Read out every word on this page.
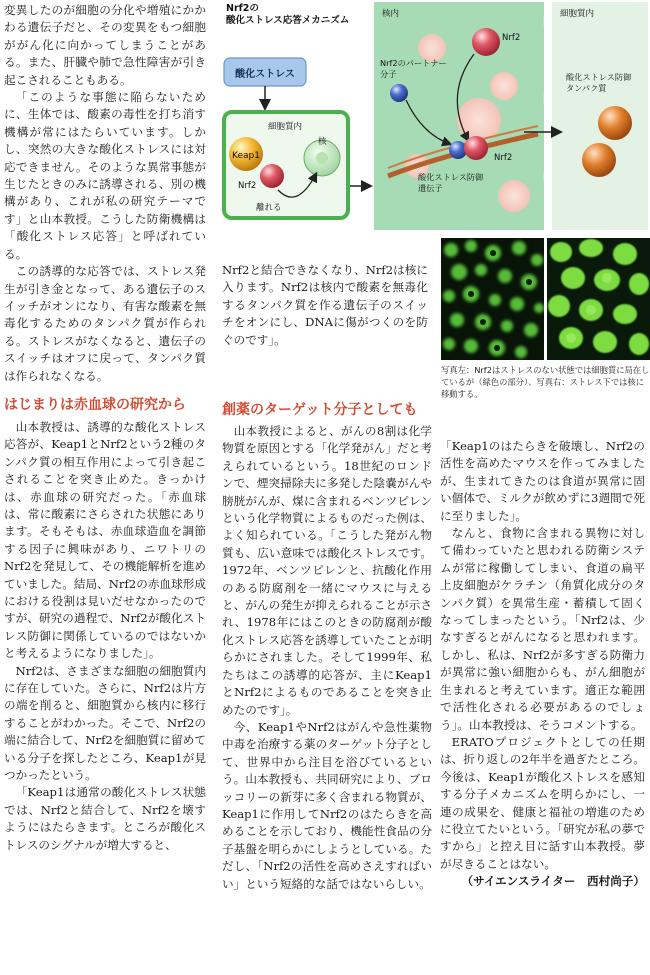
変異したのが細胞の分化や増殖にかかわる遺伝子だと、その変異をもつ細胞ががん化に向かってしまうことがある。また、肝臓や肺で急性障害が引き起こされることもある。

「このような事態に陥らないために、生体では、酸素の毒性を打ち消す機構が常にはたらいています。しかし、突然の大きな酸化ストレスには対応できません。そのような異常事態が生じたときのみに誘導される、別の機構があり、これが私の研究テーマです」と山本教授。こうした防衛機構は「酸化ストレス応答」と呼ばれている。

この誘導的な応答では、ストレス発生が引き金となって、ある遺伝子のスイッチがオンになり、有害な酸素を無毒化するためのタンパク質が作られる。ストレスがなくなると、遺伝子のスイッチはオフに戻って、タンパク質は作られなくなる。

はじまりは赤血球の研究から

山本教授は、誘導的な酸化ストレス応答が、Keap1とNrf2という2種のタンパク質の相互作用によって引き起こされることを突き止めた。きっかけは、赤血球の研究だった。「赤血球は、常に酸素にさらされた状態にあります。そもそもは、赤血球造血を調節する因子に興味があり、ニワトリのNrf2を発見して、その機能解析を進めていました。結局、Nrf2の赤血球形成における役割は見いだせなかったのですが、研究の過程で、Nrf2が酸化ストレス防御に関係しているのではないかと考えるようになりました」。

Nrf2は、さまざまな細胞の細胞質内に存在していた。さらに、Nrf2は片方の端を削ると、細胞質から核内に移行することがわかった。そこで、Nrf2の端に結合して、Nrf2を細胞質に留めている分子を探したところ、Keap1が見つかったという。

「Keap1は通常の酸化ストレス状態では、Nrf2と結合して、Nrf2を壊すようにはたらきます。ところが酸化ストレスのシグナルが増大すると、

Nrf2の
酸化ストレス応答メカニズム
酸化ストレス
細胞質内
Keap1
Nrf2
核
離れる
核内
Nrf2のパートナー分子
Nrf2
Nrf2
酸化ストレス防御遺伝子
細胞質内
酸化ストレス防御タンパク質
写真左：Nrf2はストレスのない状態では細胞質に局在しているが（緑色の部分）、写真右：ストレス下では核に移動する。

Nrf2と結合できなくなり、Nrf2は核に入ります。Nrf2は核内で酸素を無毒化するタンパク質を作る遺伝子のスイッチをオンにし、DNAに傷がつくのを防ぐのです」。

創薬のターゲット分子としても

山本教授によると、がんの8割は化学物質を原因とする「化学発がん」だと考えられているという。18世紀のロンドンで、煙突掃除夫に多発した陰嚢がんや膀胱がんが、煤に含まれるベンツピレンという化学物質によるものだった例は、よく知られている。「こうした発がん物質も、広い意味では酸化ストレスです。1972年、ベンツピレンと、抗酸化作用のある防腐剤を一緒にマウスに与えると、がんの発生が抑えられることが示され、1978年にはこのときの防腐剤が酸化ストレス応答を誘導していたことが明らかにされました。そして1999年、私たちはこの誘導的応答が、主にKeap1とNrf2によるものであることを突き止めたのです」。

今、Keap1やNrf2はがんや急性薬物中毒を治療する薬のターゲット分子として、世界中から注目を浴びているという。山本教授も、共同研究により、ブロッコリーの新芽に多く含まれる物質が、Keap1に作用してNrf2のはたらきを高めることを示しており、機能性食品の分子基盤を明らかにしようとしている。ただし、「Nrf2の活性を高めさえすればいい」という短絡的な話ではないらしい。

「Keap1のはたらきを破壊し、Nrf2の活性を高めたマウスを作ってみましたが、生まれてきたのは食道が異常に固い個体で、ミルクが飲めずに3週間で死に至りました」。

なんと、食物に含まれる異物に対して備わっていたと思われる防衛システムが常に稼働してしまい、食道の扁平上皮細胞がケラチン（角質化成分のタンパク質）を異常生産・蓄積して固くなってしまったという。「Nrf2は、少なすぎるとがんになると思われます。しかし、私は、Nrf2が多すぎる防衛力が異常に強い細胞からも、がん細胞が生まれると考えています。適正な範囲で活性化される必要があるのでしょう」。山本教授は、そうコメントする。

ERATOプロジェクトとしての任期は、折り返しの2年半を過ぎたところ。今後は、Keap1が酸化ストレスを感知する分子メカニズムを明らかにし、一連の成果を、健康と福祉の増進のために役立てたいという。「研究が私の夢ですから」と控え目に話す山本教授。夢が尽きることはない。

（サイエンスライター　西村尚子）
